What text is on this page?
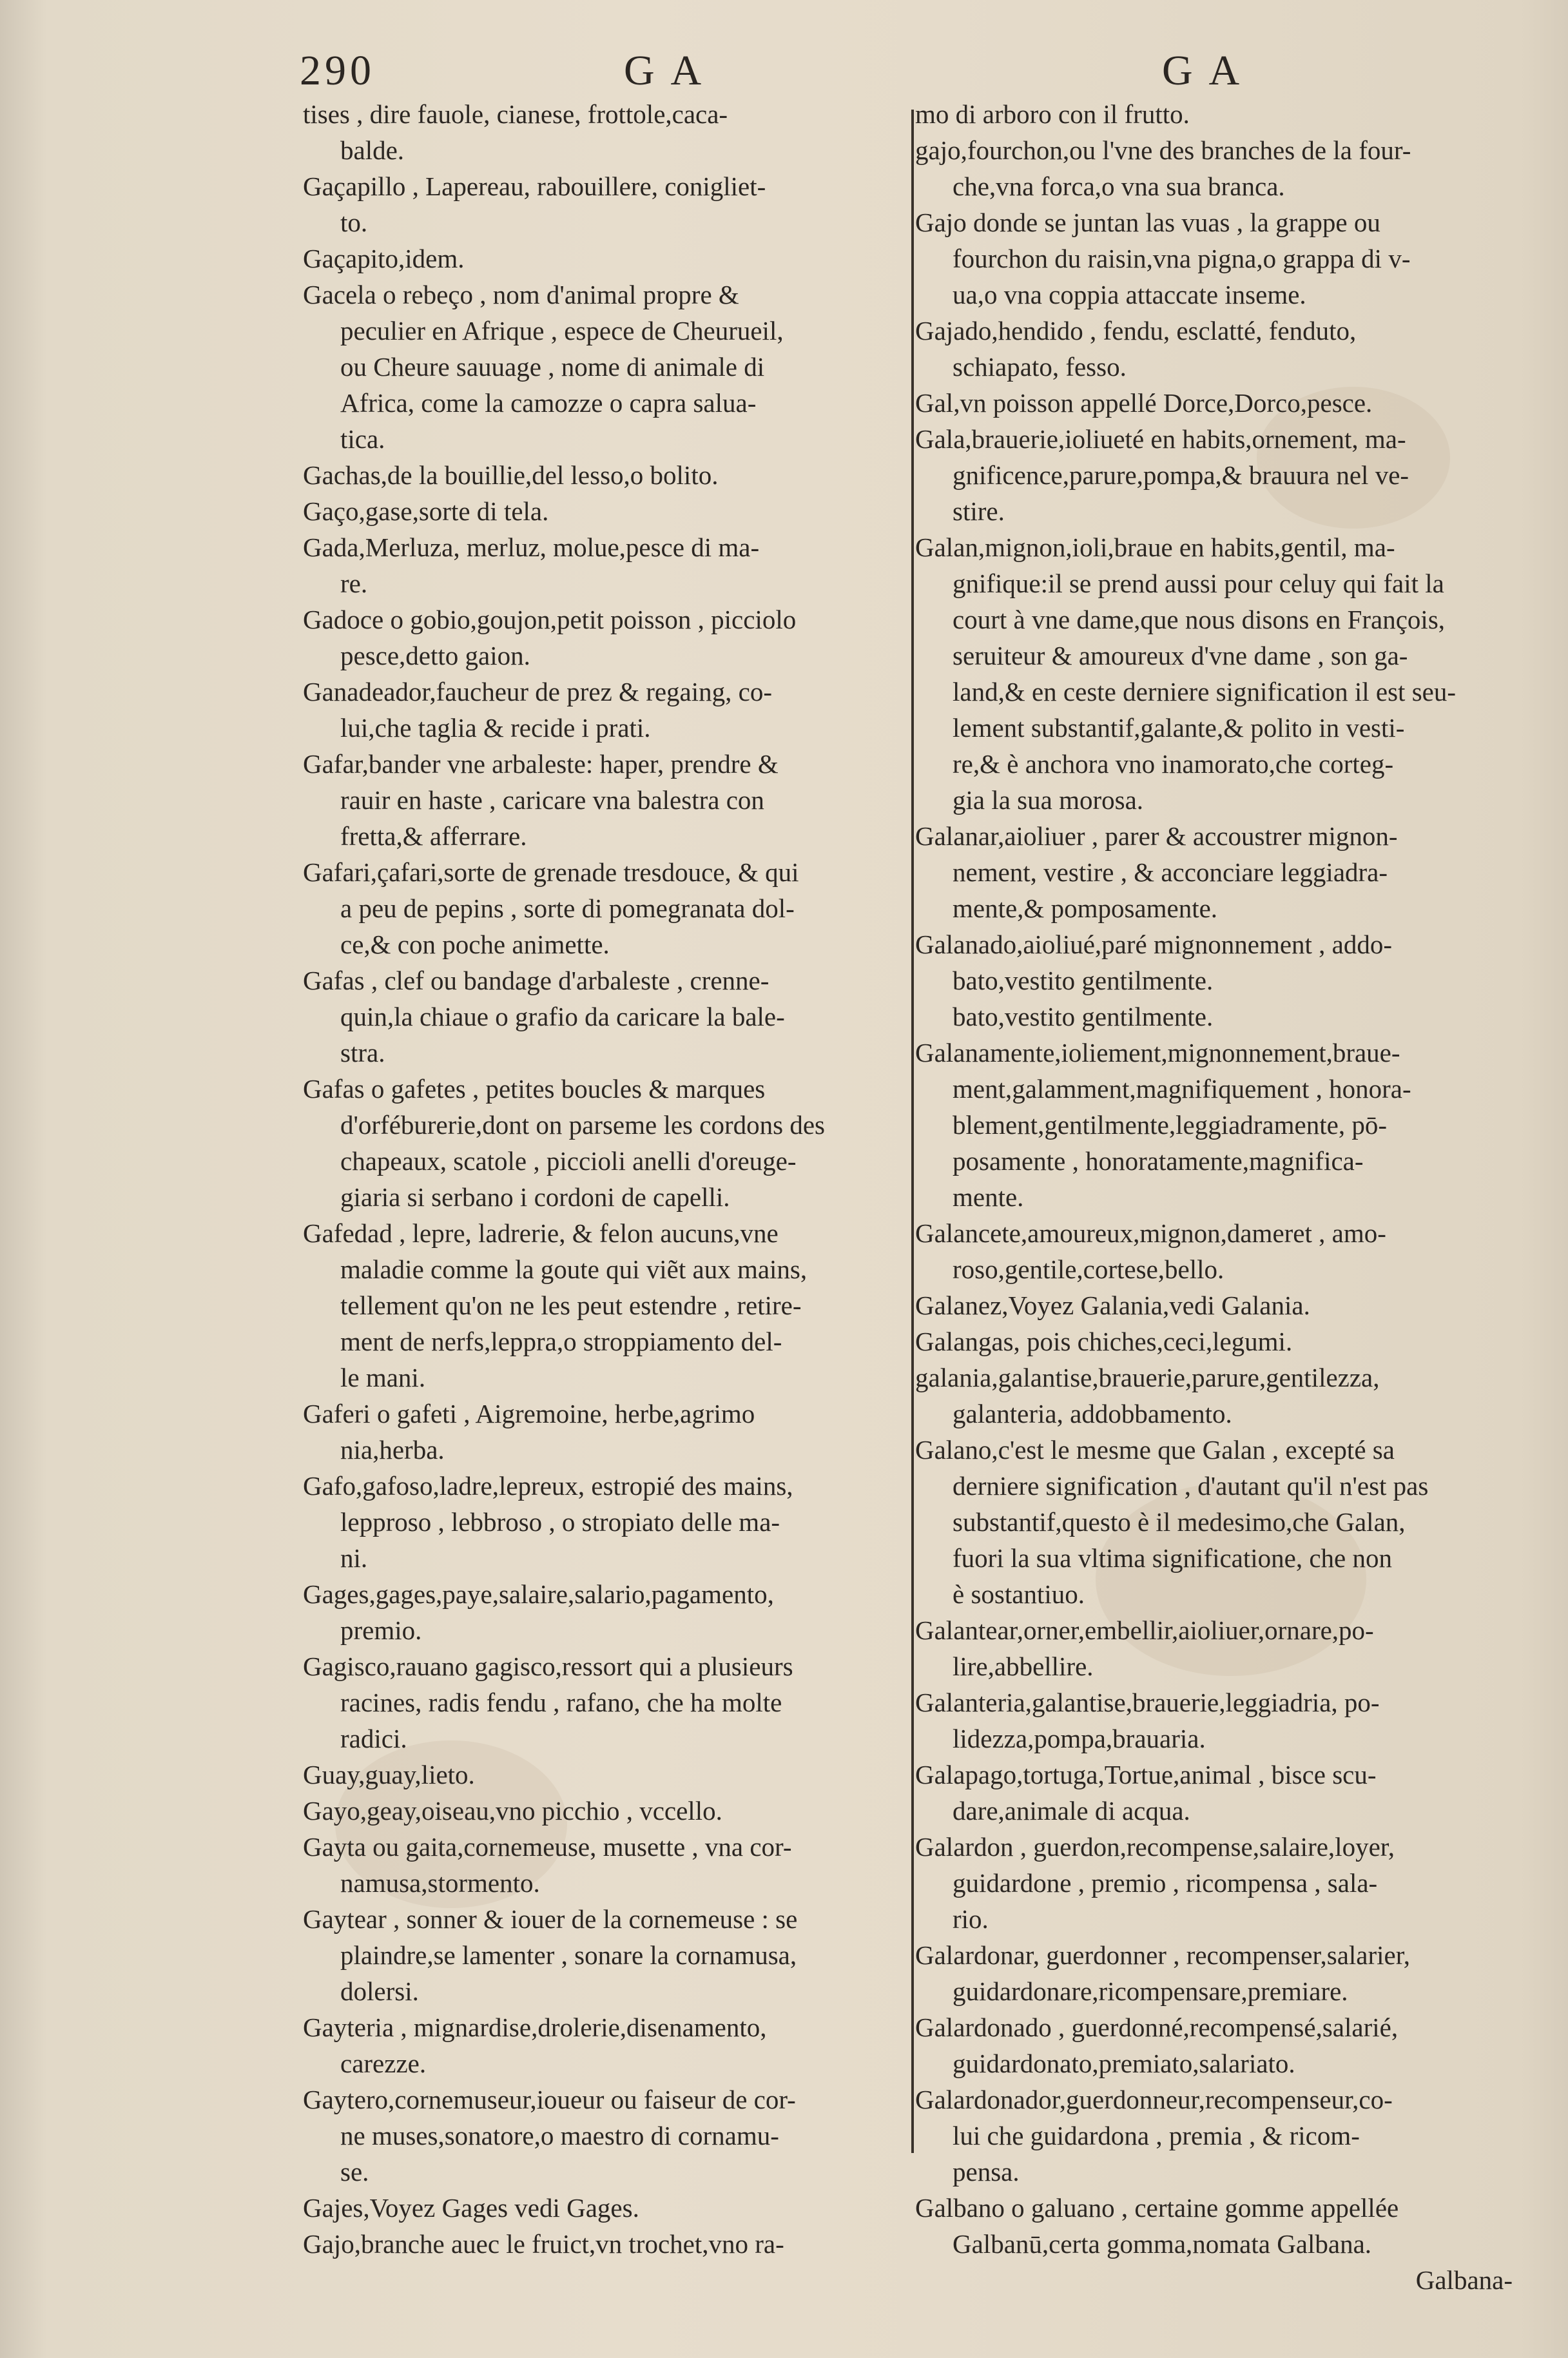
290	G A	G A
tises , dire fauole, cianese, frottole,caca-
balde.
Gaçapillo , Lapereau, rabouillere, conigliet-
to.
Gaçapito,idem.
Gacela o rebeço , nom d'animal propre &
peculier en Afrique , espece de Cheurueil,
ou Cheure sauuage , nome di animale di
Africa, come la camozze o capra salua-
tica.
Gachas,de la bouillie,del lesso,o bolito.
Gaço,gase,sorte di tela.
Gada,Merluza, merluz, molue,pesce di ma-
re.
Gadoce o gobio,goujon,petit poisson , picciolo
pesce,detto gaion.
Ganadeador,faucheur de prez & regaing, co-
lui,che taglia & recide i prati.
Gafar,bander vne arbaleste: haper, prendre &
rauir en haste , caricare vna balestra con
fretta,& afferrare.
Gafari,çafari,sorte de grenade tresdouce, & qui
a peu de pepins , sorte di pomegranata dol-
ce,& con poche animette.
Gafas , clef ou bandage d'arbaleste , crenne-
quin,la chiaue o grafio da caricare la bale-
stra.
Gafas o gafetes , petites boucles & marques
d'orféburerie,dont on parseme les cordons des
chapeaux, scatole , piccioli anelli d'oreuge-
giaria si serbano i cordoni de capelli.
Gafedad , lepre, ladrerie, & felon aucuns,vne
maladie comme la goute qui viẽt aux mains,
tellement qu'on ne les peut estendre , retire-
ment de nerfs,leppra,o stroppiamento del-
le mani.
Gaferi o gafeti , Aigremoine, herbe,agrimo
nia,herba.
Gafo,gafoso,ladre,lepreux, estropié des mains,
lepproso , lebbroso , o stropiato delle ma-
ni.
Gages,gages,paye,salaire,salario,pagamento,
premio.
Gagisco,rauano gagisco,ressort qui a plusieurs
racines, radis fendu , rafano, che ha molte
radici.
Guay,guay,lieto.
Gayo,geay,oiseau,vno picchio , vccello.
Gayta ou gaita,cornemeuse, musette , vna cor-
namusa,stormento.
Gaytear , sonner & iouer de la cornemeuse : se
plaindre,se lamenter , sonare la cornamusa,
dolersi.
Gayteria , mignardise,drolerie,disenamento,
carezze.
Gaytero,cornemuseur,ioueur ou faiseur de cor-
ne muses,sonatore,o maestro di cornamu-
se.
Gajes,Voyez Gages vedi Gages.
Gajo,branche auec le fruict,vn trochet,vno ra-
mo di arboro con il frutto.
gajo,fourchon,ou l'vne des branches de la four-
che,vna forca,o vna sua branca.
Gajo donde se juntan las vuas , la grappe ou
fourchon du raisin,vna pigna,o grappa di v-
ua,o vna coppia attaccate inseme.
Gajado,hendido , fendu, esclatté, fenduto,
schiapato, fesso.
Gal,vn poisson appellé Dorce,Dorco,pesce.
Gala,brauerie,ioliueté en habits,ornement, ma-
gnificence,parure,pompa,& brauura nel ve-
stire.
Galan,mignon,ioli,braue en habits,gentil, ma-
gnifique:il se prend aussi pour celuy qui fait la
court à vne dame,que nous disons en François,
seruiteur & amoureux d'vne dame , son ga-
land,& en ceste derniere signification il est seu-
lement substantif,galante,& polito in vesti-
re,& è anchora vno inamorato,che corteg-
gia la sua morosa.
Galanar,aioliuer , parer & accoustrer mignon-
nement, vestire , & acconciare leggiadra-
mente,& pomposamente.
Galanado,aioliué,paré mignonnement , addo-
bato,vestito gentilmente.
bato,vestito gentilmente.
Galanamente,ioliement,mignonnement,braue-
ment,galamment,magnifiquement , honora-
blement,gentilmente,leggiadramente, pō-
posamente , honoratamente,magnifica-
mente.
Galancete,amoureux,mignon,dameret , amo-
roso,gentile,cortese,bello.
Galanez,Voyez Galania,vedi Galania.
Galangas, pois chiches,ceci,legumi.
galania,galantise,brauerie,parure,gentilezza,
galanteria, addobbamento.
Galano,c'est le mesme que Galan , excepté sa
derniere signification , d'autant qu'il n'est pas
substantif,questo è il medesimo,che Galan,
fuori la sua vltima significatione, che non
è sostantiuo.
Galantear,orner,embellir,aioliuer,ornare,po-
lire,abbellire.
Galanteria,galantise,brauerie,leggiadria, po-
lidezza,pompa,brauaria.
Galapago,tortuga,Tortue,animal , bisce scu-
dare,animale di acqua.
Galardon , guerdon,recompense,salaire,loyer,
guidardone , premio , ricompensa , sala-
rio.
Galardonar, guerdonner , recompenser,salarier,
guidardonare,ricompensare,premiare.
Galardonado , guerdonné,recompensé,salarié,
guidardonato,premiato,salariato.
Galardonador,guerdonneur,recompenseur,co-
lui che guidardona , premia , & ricom-
pensa.
Galbano o galuano , certaine gomme appellée
Galbanū,certa gomma,nomata Galbana.
Galbana-
